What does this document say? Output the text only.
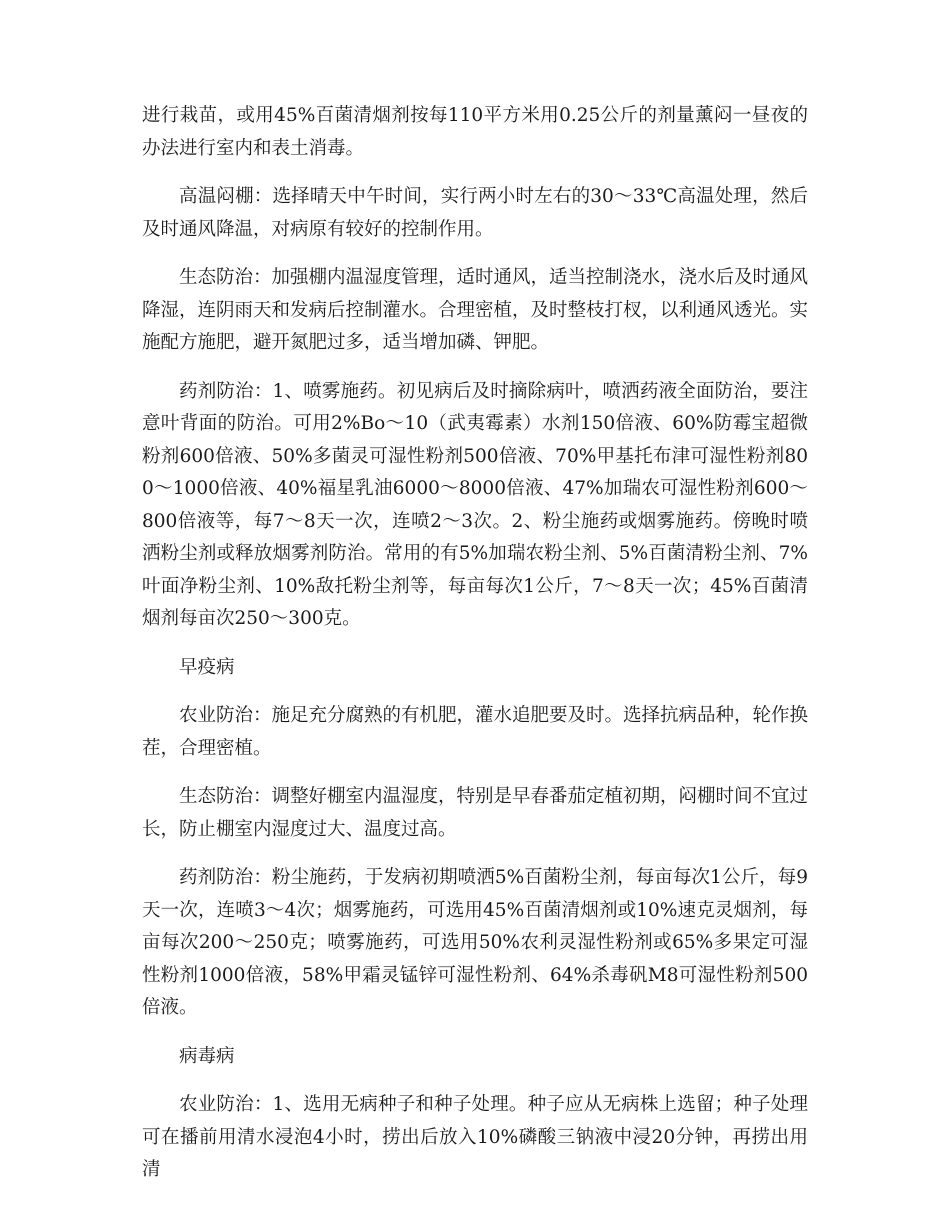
进行栽苗，或用45%百菌清烟剂按每110平方米用0.25公斤的剂量薰闷一昼夜的办法进行室内和表土消毒。

高温闷棚：选择晴天中午时间，实行两小时左右的30～33℃高温处理，然后及时通风降温，对病原有较好的控制作用。

生态防治：加强棚内温湿度管理，适时通风，适当控制浇水，浇水后及时通风降湿，连阴雨天和发病后控制灌水。合理密植，及时整枝打杈，以利通风透光。实施配方施肥，避开氮肥过多，适当增加磷、钾肥。

药剂防治：1、喷雾施药。初见病后及时摘除病叶，喷洒药液全面防治，要注意叶背面的防治。可用2%Bo～10（武夷霉素）水剂150倍液、60%防霉宝超微粉剂600倍液、50%多菌灵可湿性粉剂500倍液、70%甲基托布津可湿性粉剂800～1000倍液、40%福星乳油6000～8000倍液、47%加瑞农可湿性粉剂600～800倍液等，每7～8天一次，连喷2～3次。2、粉尘施药或烟雾施药。傍晚时喷洒粉尘剂或释放烟雾剂防治。常用的有5%加瑞农粉尘剂、5%百菌清粉尘剂、7%叶面净粉尘剂、10%敌托粉尘剂等，每亩每次1公斤，7～8天一次；45%百菌清烟剂每亩次250～300克。

早疫病

农业防治：施足充分腐熟的有机肥，灌水追肥要及时。选择抗病品种，轮作换茬，合理密植。

生态防治：调整好棚室内温湿度，特别是早春番茄定植初期，闷棚时间不宜过长，防止棚室内湿度过大、温度过高。

药剂防治：粉尘施药，于发病初期喷洒5%百菌粉尘剂，每亩每次1公斤，每9天一次，连喷3～4次；烟雾施药，可选用45%百菌清烟剂或10%速克灵烟剂，每亩每次200～250克；喷雾施药，可选用50%农利灵湿性粉剂或65%多果定可湿性粉剂1000倍液，58%甲霜灵锰锌可湿性粉剂、64%杀毒矾M8可湿性粉剂500倍液。

病毒病

农业防治：1、选用无病种子和种子处理。种子应从无病株上选留；种子处理可在播前用清水浸泡4小时，捞出后放入10%磷酸三钠液中浸20分钟，再捞出用清
